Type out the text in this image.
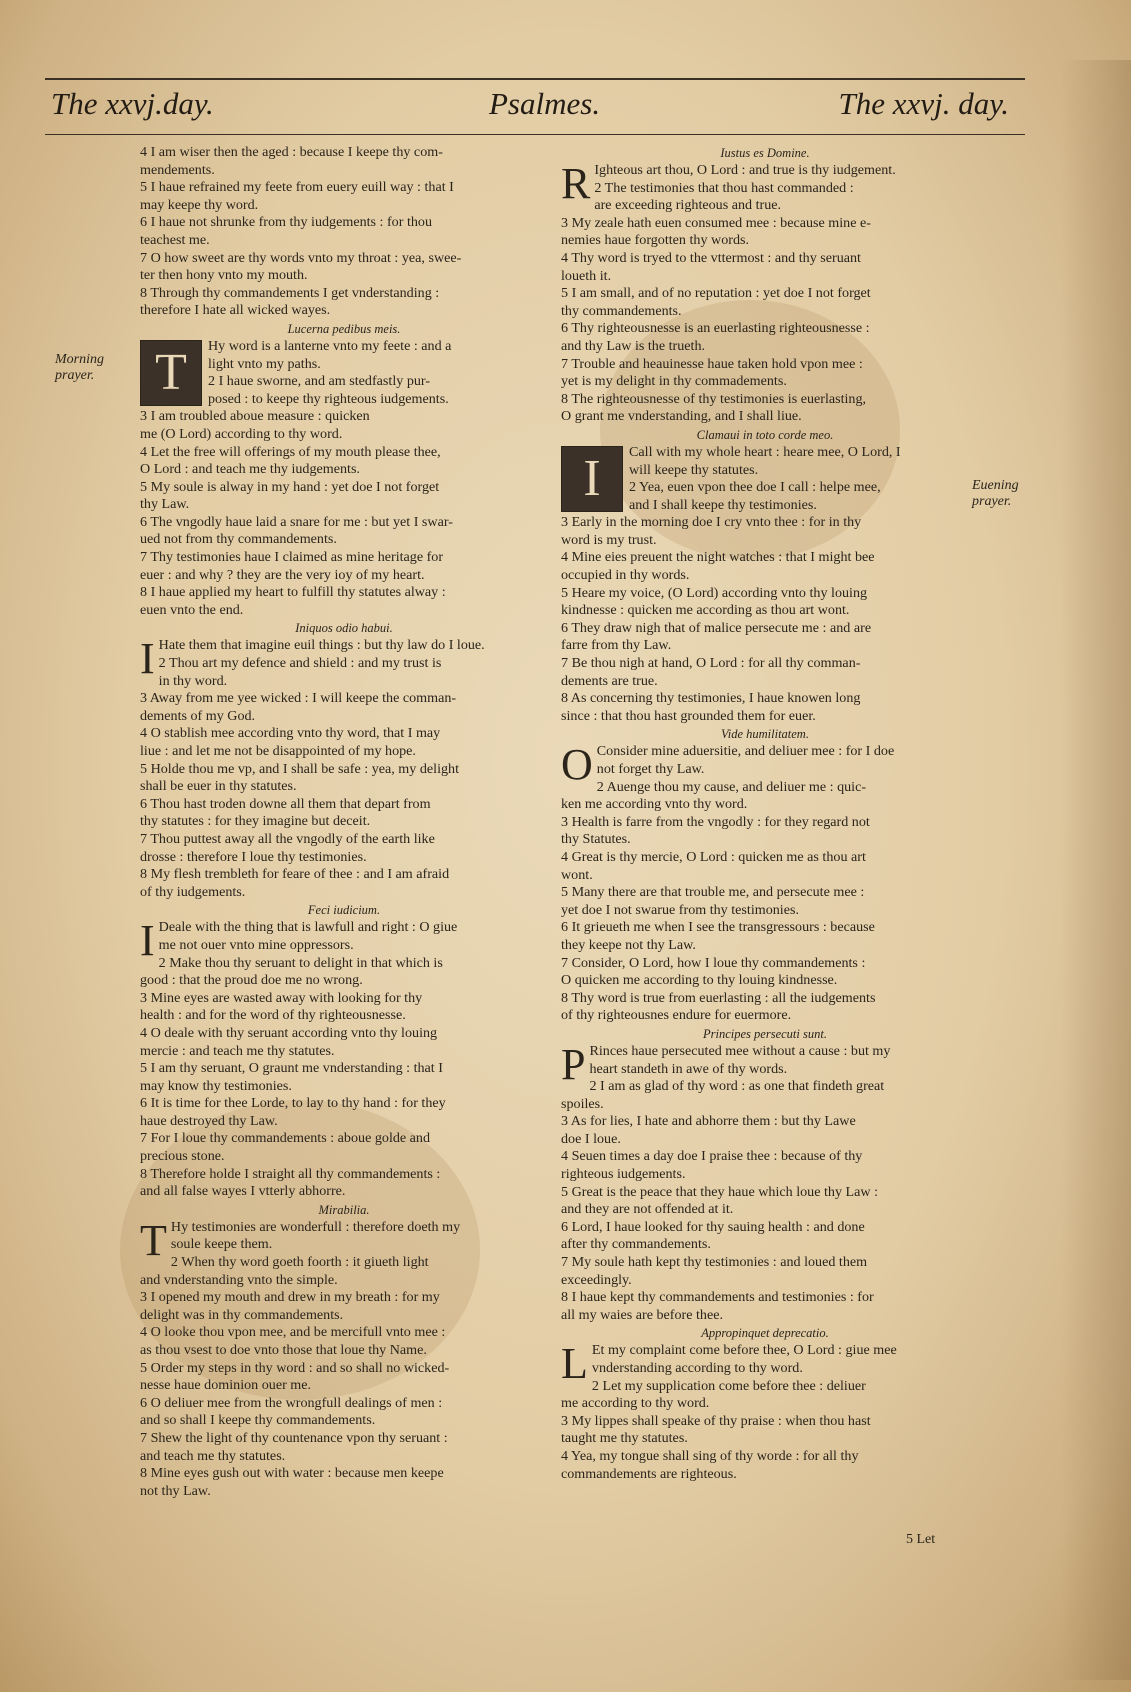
The xxvj.day.	Psalmes.	The xxvj. day.
Morning
prayer.
Euening
prayer.
4 I am wiser then the aged : because I keepe thy com-
mendements.
5 I haue refrained my feete from euery euill way : that I
may keepe thy word.
6 I haue not shrunke from thy iudgements : for thou
teachest me.
7 O how sweet are thy words vnto my throat : yea, swee-
ter then hony vnto my mouth.
8 Through thy commandements I get vnderstanding :
therefore I hate all wicked wayes.
Lucerna pedibus meis.
T	Hy word is a lanterne vnto my feete : and a
light vnto my paths.
2 I haue sworne, and am stedfastly pur-
posed : to keepe thy righteous iudgements.
3 I am troubled aboue measure : quicken
me (O Lord) according to thy word.
4 Let the free will offerings of my mouth please thee,
O Lord : and teach me thy iudgements.
5 My soule is alway in my hand : yet doe I not forget
thy Law.
6 The vngodly haue laid a snare for me : but yet I swar-
ued not from thy commandements.
7 Thy testimonies haue I claimed as mine heritage for
euer : and why ? they are the very ioy of my heart.
8 I haue applied my heart to fulfill thy statutes alway :
euen vnto the end.
Iniquos odio habui.
I Hate them that imagine euil things : but thy law do I loue.
2 Thou art my defence and shield : and my trust is
in thy word.
3 Away from me yee wicked : I will keepe the comman-
dements of my God.
4 O stablish mee according vnto thy word, that I may
liue : and let me not be disappointed of my hope.
5 Holde thou me vp, and I shall be safe : yea, my delight
shall be euer in thy statutes.
6 Thou hast troden downe all them that depart from
thy statutes : for they imagine but deceit.
7 Thou puttest away all the vngodly of the earth like
drosse : therefore I loue thy testimonies.
8 My flesh trembleth for feare of thee : and I am afraid
of thy iudgements.
Feci iudicium.
I Deale with the thing that is lawfull and right : O giue
me not ouer vnto mine oppressors.
2 Make thou thy seruant to delight in that which is
good : that the proud doe me no wrong.
3 Mine eyes are wasted away with looking for thy
health : and for the word of thy righteousnesse.
4 O deale with thy seruant according vnto thy louing
mercie : and teach me thy statutes.
5 I am thy seruant, O graunt me vnderstanding : that I
may know thy testimonies.
6 It is time for thee Lorde, to lay to thy hand : for they
haue destroyed thy Law.
7 For I loue thy commandements : aboue golde and
precious stone.
8 Therefore holde I straight all thy commandements :
and all false wayes I vtterly abhorre.
Mirabilia.
T Hy testimonies are wonderfull : therefore doeth my
soule keepe them.
2 When thy word goeth foorth : it giueth light
and vnderstanding vnto the simple.
3 I opened my mouth and drew in my breath : for my
delight was in thy commandements.
4 O looke thou vpon mee, and be mercifull vnto mee :
as thou vsest to doe vnto those that loue thy Name.
5 Order my steps in thy word : and so shall no wicked-
nesse haue dominion ouer me.
6 O deliuer mee from the wrongfull dealings of men :
and so shall I keepe thy commandements.
7 Shew the light of thy countenance vpon thy seruant :
and teach me thy statutes.
8 Mine eyes gush out with water : because men keepe
not thy Law.
Iustus es Domine.
R Ighteous art thou, O Lord : and true is thy iudgement.
2 The testimonies that thou hast commanded :
are exceeding righteous and true.
3 My zeale hath euen consumed mee : because mine e-
nemies haue forgotten thy words.
4 Thy word is tryed to the vttermost : and thy seruant
loueth it.
5 I am small, and of no reputation : yet doe I not forget
thy commandements.
6 Thy righteousnesse is an euerlasting righteousnesse :
and thy Law is the trueth.
7 Trouble and heauinesse haue taken hold vpon mee :
yet is my delight in thy commadements.
8 The righteousnesse of thy testimonies is euerlasting,
O grant me vnderstanding, and I shall liue.
Clamaui in toto corde meo.
I	Call with my whole heart : heare mee, O Lord, I
will keepe thy statutes.
2 Yea, euen vpon thee doe I call : helpe mee,
and I shall keepe thy testimonies.
3 Early in the morning doe I cry vnto thee : for in thy
word is my trust.
4 Mine eies preuent the night watches : that I might bee
occupied in thy words.
5 Heare my voice, (O Lord) according vnto thy louing
kindnesse : quicken me according as thou art wont.
6 They draw nigh that of malice persecute me : and are
farre from thy Law.
7 Be thou nigh at hand, O Lord : for all thy comman-
dements are true.
8 As concerning thy testimonies, I haue knowen long
since : that thou hast grounded them for euer.
Vide humilitatem.
O Consider mine aduersitie, and deliuer mee : for I doe
not forget thy Law.
2 Auenge thou my cause, and deliuer me : quic-
ken me according vnto thy word.
3 Health is farre from the vngodly : for they regard not
thy Statutes.
4 Great is thy mercie, O Lord : quicken me as thou art
wont.
5 Many there are that trouble me, and persecute mee :
yet doe I not swarue from thy testimonies.
6 It grieueth me when I see the transgressours : because
they keepe not thy Law.
7 Consider, O Lord, how I loue thy commandements :
O quicken me according to thy louing kindnesse.
8 Thy word is true from euerlasting : all the iudgements
of thy righteousnes endure for euermore.
Principes persecuti sunt.
P Rinces haue persecuted mee without a cause : but my
heart standeth in awe of thy words.
2 I am as glad of thy word : as one that findeth great
spoiles.
3 As for lies, I hate and abhorre them : but thy Lawe
doe I loue.
4 Seuen times a day doe I praise thee : because of thy
righteous iudgements.
5 Great is the peace that they haue which loue thy Law :
and they are not offended at it.
6 Lord, I haue looked for thy sauing health : and done
after thy commandements.
7 My soule hath kept thy testimonies : and loued them
exceedingly.
8 I haue kept thy commandements and testimonies : for
all my waies are before thee.
Appropinquet deprecatio.
L Et my complaint come before thee, O Lord : giue mee
vnderstanding according to thy word.
2 Let my supplication come before thee : deliuer
me according to thy word.
3 My lippes shall speake of thy praise : when thou hast
taught me thy statutes.
4 Yea, my tongue shall sing of thy worde : for all thy
commandements are righteous.
5 Let
